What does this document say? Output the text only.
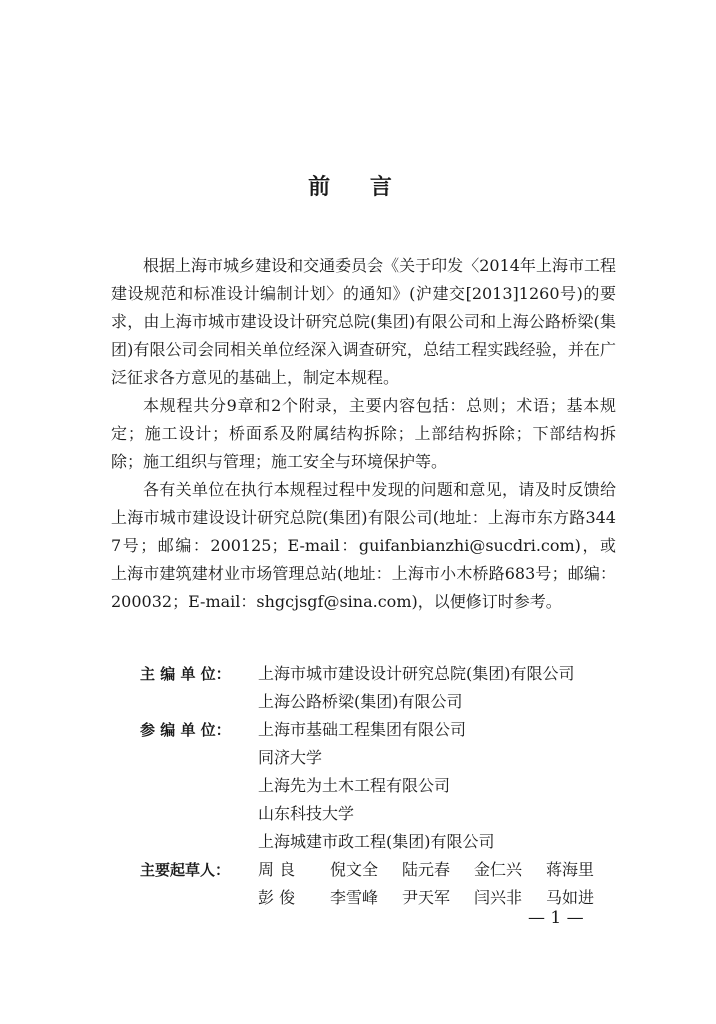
前 言

根据上海市城乡建设和交通委员会《关于印发〈2014年上海市工程建设规范和标准设计编制计划〉的通知》(沪建交[2013]1260号)的要求，由上海市城市建设设计研究总院(集团)有限公司和上海公路桥梁(集团)有限公司会同相关单位经深入调查研究，总结工程实践经验，并在广泛征求各方意见的基础上，制定本规程。

本规程共分9章和2个附录，主要内容包括：总则；术语；基本规定；施工设计；桥面系及附属结构拆除；上部结构拆除；下部结构拆除；施工组织与管理；施工安全与环境保护等。

各有关单位在执行本规程过程中发现的问题和意见，请及时反馈给上海市城市建设设计研究总院(集团)有限公司(地址：上海市东方路3447号；邮编：200125；E-mail：guifanbianzhi@sucdri.com)，或上海市建筑建材业市场管理总站(地址：上海市小木桥路683号；邮编：200032；E-mail：shgcjsgf@sina.com)，以便修订时参考。

主 编 单 位：	上海市城市建设设计研究总院(集团)有限公司
上海公路桥梁(集团)有限公司
参 编 单 位：	上海市基础工程集团有限公司
同济大学
上海先为土木工程有限公司
山东科技大学
上海城建市政工程(集团)有限公司
主要起草人：	周 良	倪文全	陆元春	金仁兴	蒋海里
彭 俊	李雪峰	尹天军	闫兴非	马如进
— 1 —
